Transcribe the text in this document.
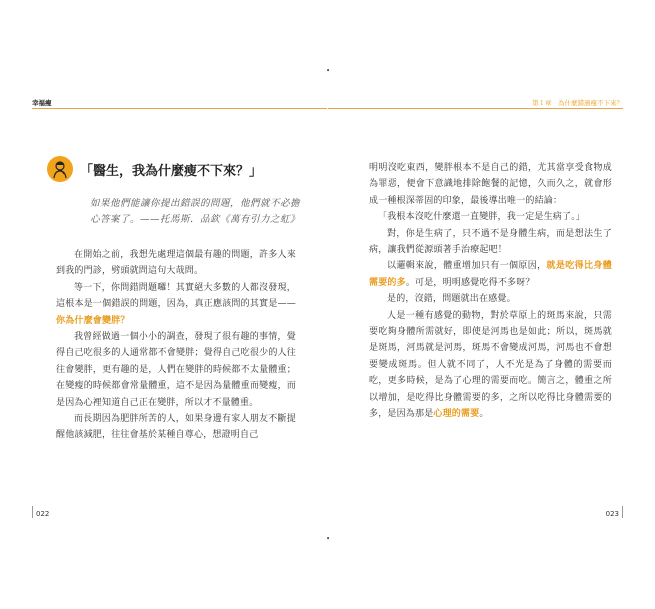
•
幸福瘦
「醫生，我為什麼瘦不下來？」
如果他們能讓你提出錯誤的問題，他們就不必擔心答案了。——托馬斯．品欽《萬有引力之虹》

在開始之前，我想先處理這個最有趣的問題，許多人來到我的門診，劈頭就問這句大哉問。

等一下，你問錯問題囉！其實絕大多數的人都沒發現，這根本是一個錯誤的問題，因為，真正應該問的其實是——你為什麼會變胖？

我曾經做過一個小小的調查，發現了很有趣的事情，覺得自己吃很多的人通常都不會變胖；覺得自己吃很少的人往往會變胖，更有趣的是，人們在變胖的時候都不太量體重；在變瘦的時候都會常量體重，這不是因為量體重而變瘦，而是因為心裡知道自己正在變胖，所以才不量體重。

而長期因為肥胖所苦的人，如果身邊有家人朋友不斷提醒他該減肥，往往會基於某種自尊心，想證明自己

022
•
第１章　為什麼錯過瘦不下來？

明明沒吃東西，變胖根本不是自己的錯，尤其當享受食物成為罪惡，便會下意識地排除飽餐的記憶，久而久之，就會形成一種根深蒂固的印象，最後導出唯一的結論：

「我根本沒吃什麼還一直變胖，我一定是生病了。」

對，你是生病了，只不過不是身體生病，而是想法生了病，讓我們從源頭著手治療起吧！

以邏輯來說，體重增加只有一個原因，就是吃得比身體需要的多。可是，明明感覺吃得不多呀？

是的，沒錯，問題就出在感覺。

人是一種有感覺的動物，對於草原上的斑馬來說，只需要吃夠身體所需就好，即使是河馬也是如此；所以，斑馬就是斑馬，河馬就是河馬，斑馬不會變成河馬，河馬也不會想要變成斑馬。但人就不同了，人不光是為了身體的需要而吃，更多時候，是為了心理的需要而吃。簡言之，體重之所以增加，是吃得比身體需要的多，之所以吃得比身體需要的多，是因為那是心理的需要。

023
